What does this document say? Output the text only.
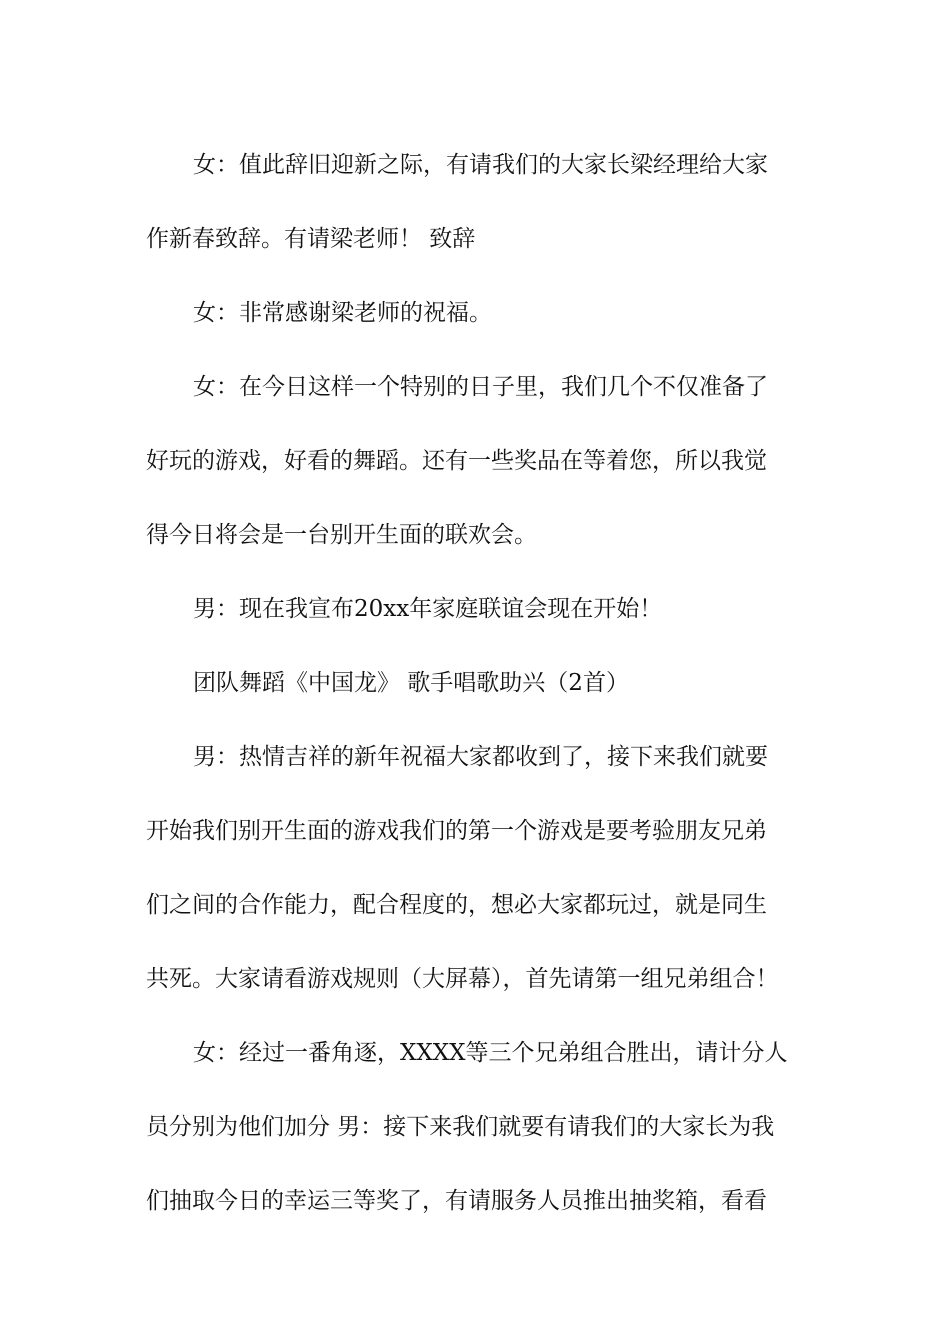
女：值此辞旧迎新之际，有请我们的大家长梁经理给大家
作新春致辞。有请梁老师！ 致辞
女：非常感谢梁老师的祝福。
女：在今日这样一个特别的日子里，我们几个不仅准备了
好玩的游戏，好看的舞蹈。还有一些奖品在等着您，所以我觉
得今日将会是一台别开生面的联欢会。
男：现在我宣布20xx年家庭联谊会现在开始！
团队舞蹈《中国龙》 歌手唱歌助兴（2首）
男：热情吉祥的新年祝福大家都收到了，接下来我们就要
开始我们别开生面的游戏我们的第一个游戏是要考验朋友兄弟
们之间的合作能力，配合程度的，想必大家都玩过，就是同生
共死。大家请看游戏规则（大屏幕），首先请第一组兄弟组合！
女：经过一番角逐，XXXX等三个兄弟组合胜出，请计分人
员分别为他们加分 男：接下来我们就要有请我们的大家长为我
们抽取今日的幸运三等奖了，有请服务人员推出抽奖箱，看看
